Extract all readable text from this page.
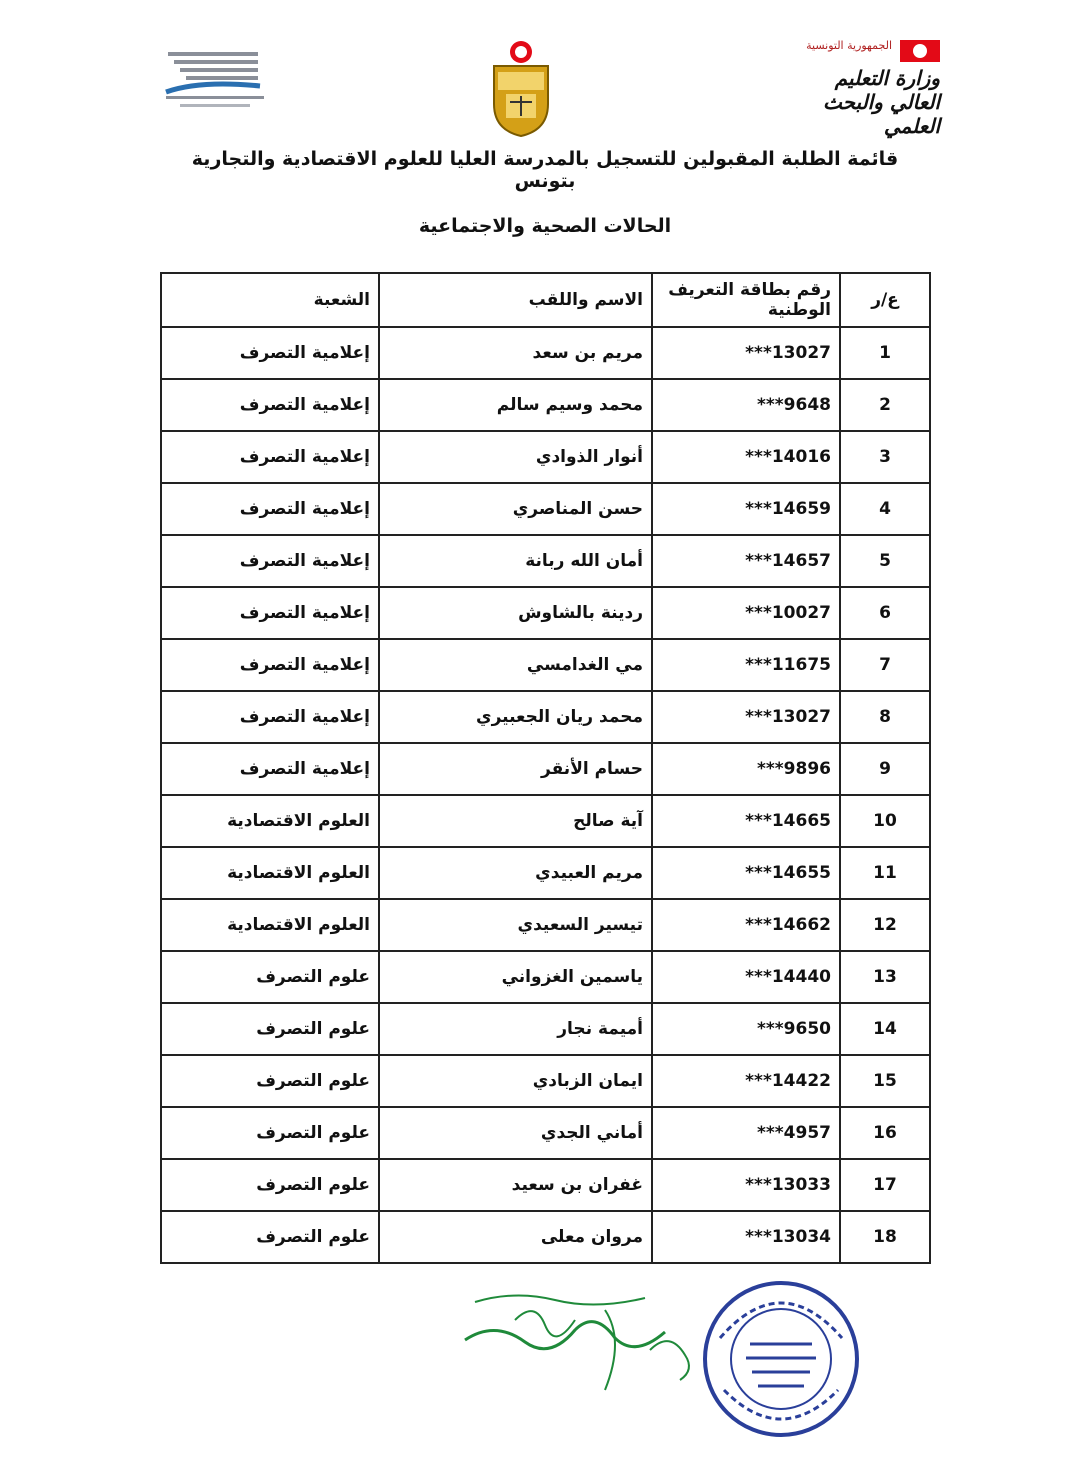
الجمهورية التونسية
وزارة التعليم العالي والبحث العلمي
قائمة الطلبة المقبولين للتسجيل بالمدرسة العليا للعلوم الاقتصادية والتجارية بتونس
الحالات الصحية والاجتماعية
ع/ر	رقم بطاقة التعريف الوطنية	الاسم واللقب	الشعبة
1	***13027	مريم بن سعد	إعلامية التصرف
2	***9648	محمد وسيم سالم	إعلامية التصرف
3	***14016	أنوار الذوادي	إعلامية التصرف
4	***14659	حسن المناصري	إعلامية التصرف
5	***14657	أمان الله ربانة	إعلامية التصرف
6	***10027	ردينة بالشاوش	إعلامية التصرف
7	***11675	مي الغدامسي	إعلامية التصرف
8	***13027	محمد ريان الجعبيري	إعلامية التصرف
9	***9896	حسام الأنقر	إعلامية التصرف
10	***14665	آية صالح	العلوم الاقتصادية
11	***14655	مريم العبيدي	العلوم الاقتصادية
12	***14662	تيسير السعيدي	العلوم الاقتصادية
13	***14440	ياسمين الغزواني	علوم التصرف
14	***9650	أميمة نجار	علوم التصرف
15	***14422	ايمان الزبادي	علوم التصرف
16	***4957	أماني الجدي	علوم التصرف
17	***13033	غفران بن سعيد	علوم التصرف
18	***13034	مروان معلى	علوم التصرف
